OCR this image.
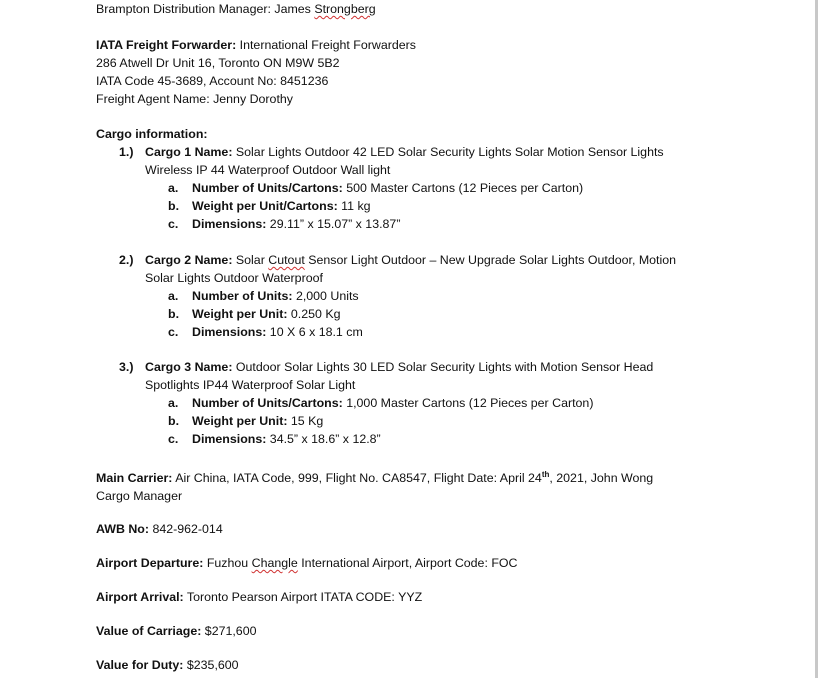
Brampton Distribution Manager: James Strongberg
IATA Freight Forwarder: International Freight Forwarders
286 Atwell Dr Unit 16, Toronto ON M9W 5B2
IATA Code 45-3689, Account No: 8451236
Freight Agent Name: Jenny Dorothy
Cargo information:
1.) Cargo 1 Name: Solar Lights Outdoor 42 LED Solar Security Lights Solar Motion Sensor Lights
Wireless IP 44 Waterproof Outdoor Wall light
a. Number of Units/Cartons: 500 Master Cartons (12 Pieces per Carton)
b. Weight per Unit/Cartons: 11 kg
c. Dimensions: 29.11” x 15.07” x 13.87”
2.) Cargo 2 Name: Solar Cutout Sensor Light Outdoor – New Upgrade Solar Lights Outdoor, Motion
Solar Lights Outdoor Waterproof
a. Number of Units: 2,000 Units
b. Weight per Unit: 0.250 Kg
c. Dimensions: 10 X 6 x 18.1 cm
3.) Cargo 3 Name: Outdoor Solar Lights 30 LED Solar Security Lights with Motion Sensor Head
Spotlights IP44 Waterproof Solar Light
a. Number of Units/Cartons: 1,000 Master Cartons (12 Pieces per Carton)
b. Weight per Unit: 15 Kg
c. Dimensions: 34.5” x 18.6” x 12.8”
Main Carrier: Air China, IATA Code, 999, Flight No. CA8547, Flight Date: April 24th, 2021, John Wong
Cargo Manager
AWB No: 842-962-014
Airport Departure: Fuzhou Changle International Airport, Airport Code: FOC
Airport Arrival: Toronto Pearson Airport ITATA CODE: YYZ
Value of Carriage: $271,600
Value for Duty: $235,600
